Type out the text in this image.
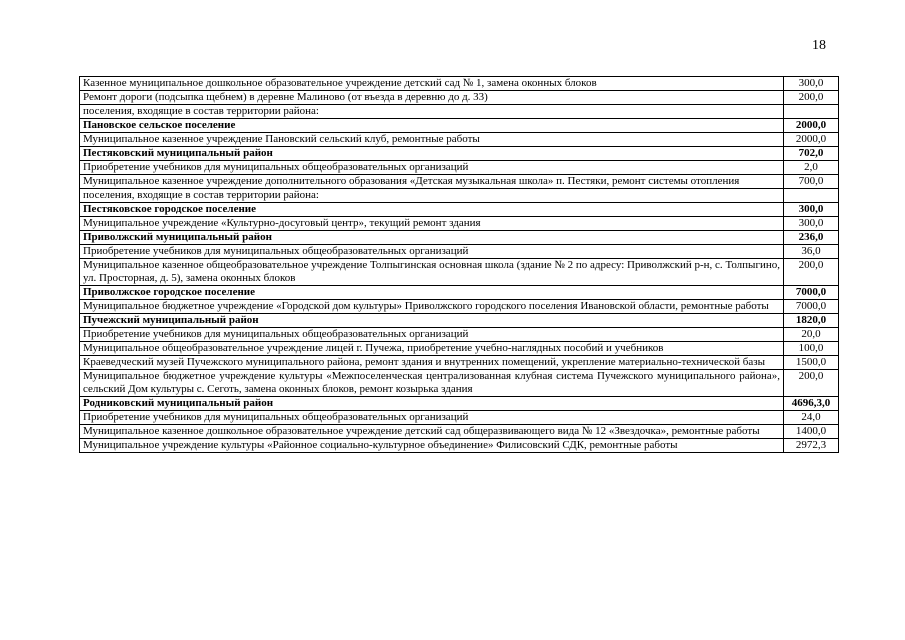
18
Казенное муниципальное дошкольное образовательное учреждение детский сад № 1, замена оконных блоков	300,0
Ремонт дороги (подсыпка щебнем) в деревне Малиново (от въезда в деревню до д. 33)	200,0
поселения, входящие в состав территории района:	
Пановское сельское поселение	2000,0
Муниципальное казенное учреждение Пановский сельский клуб, ремонтные работы	2000,0
Пестяковский муниципальный район	702,0
Приобретение учебников для муниципальных общеобразовательных организаций	2,0
Муниципальное казенное учреждение дополнительного образования «Детская музыкальная школа» п. Пестяки, ремонт системы отопления	700,0
поселения, входящие в состав территории района:	
Пестяковское городское поселение	300,0
Муниципальное учреждение «Культурно-досуговый центр», текущий ремонт здания	300,0
Приволжский муниципальный район	236,0
Приобретение учебников для муниципальных общеобразовательных организаций	36,0
Муниципальное казенное общеобразовательное учреждение Толпыгинская основная школа (здание № 2 по адресу: Приволжский р-н, с. Толпыгино, ул. Просторная, д. 5), замена оконных блоков	200,0
Приволжское городское поселение	7000,0
Муниципальное бюджетное учреждение «Городской дом культуры» Приволжского городского поселения Ивановской области, ремонтные работы	7000,0
Пучежский муниципальный район	1820,0
Приобретение учебников для муниципальных общеобразовательных организаций	20,0
Муниципальное общеобразовательное учреждение лицей г. Пучежа, приобретение учебно-наглядных пособий и учебников	100,0
Краеведческий музей Пучежского муниципального района, ремонт здания и внутренних помещений, укрепление материально-технической базы	1500,0
Муниципальное бюджетное учреждение культуры «Межпоселенческая централизованная клубная система Пучежского муниципального района», сельский Дом культуры с. Сеготь, замена оконных блоков, ремонт козырька здания	200,0
Родниковский муниципальный район	4696,3,0
Приобретение учебников для муниципальных общеобразовательных организаций	24,0
Муниципальное казенное дошкольное образовательное учреждение детский сад общеразвивающего вида № 12 «Звездочка», ремонтные работы	1400,0
Муниципальное учреждение культуры «Районное социально-культурное объединение» Филисовский СДК, ремонтные работы	2972,3
